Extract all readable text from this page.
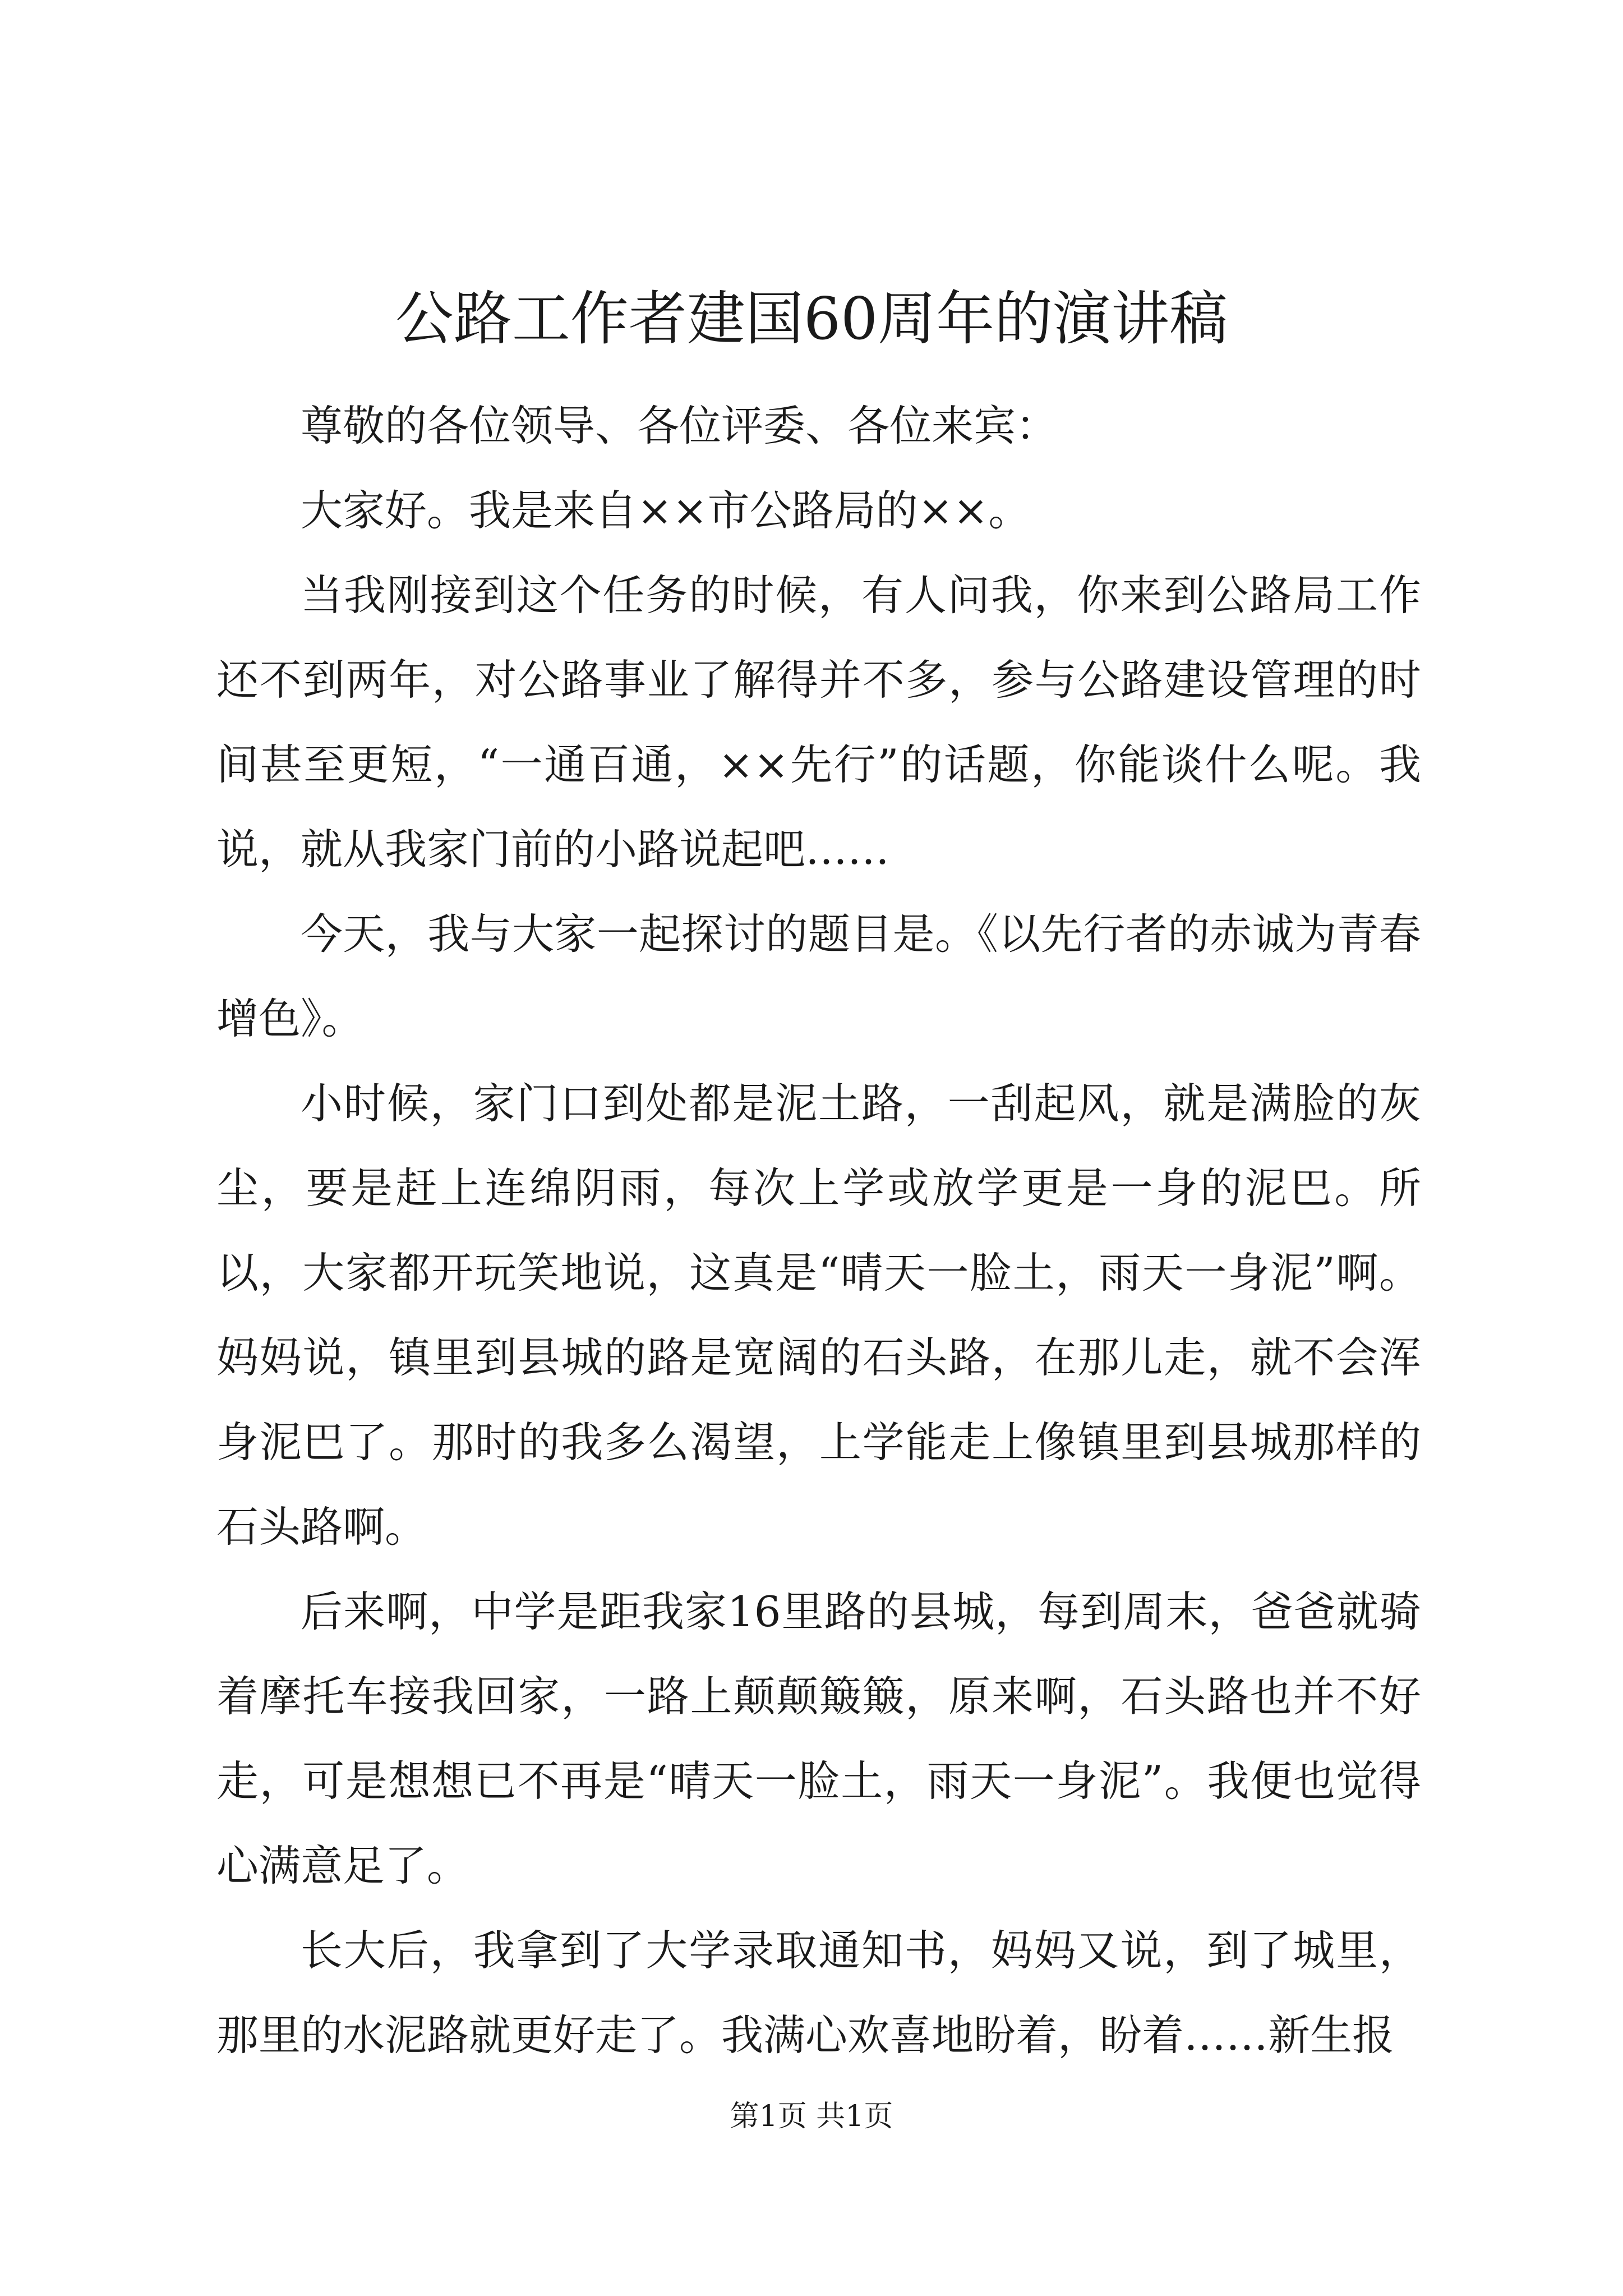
公路工作者建国60周年的演讲稿

尊敬的各位领导、各位评委、各位来宾：

大家好。我是来自××市公路局的××。

当我刚接到这个任务的时候，有人问我，你来到公路局工作还不到两年，对公路事业了解得并不多，参与公路建设管理的时间甚至更短，“一通百通，××先行”的话题，你能谈什么呢。我说，就从我家门前的小路说起吧……

今天，我与大家一起探讨的题目是。《以先行者的赤诚为青春增色》。

小时候，家门口到处都是泥土路，一刮起风，就是满脸的灰尘，要是赶上连绵阴雨，每次上学或放学更是一身的泥巴。所以，大家都开玩笑地说，这真是“晴天一脸土，雨天一身泥”啊。妈妈说，镇里到县城的路是宽阔的石头路，在那儿走，就不会浑身泥巴了。那时的我多么渴望，上学能走上像镇里到县城那样的石头路啊。

后来啊，中学是距我家16里路的县城，每到周末，爸爸就骑着摩托车接我回家，一路上颠颠簸簸，原来啊，石头路也并不好走，可是想想已不再是“晴天一脸土，雨天一身泥”。我便也觉得心满意足了。

长大后，我拿到了大学录取通知书，妈妈又说，到了城里，那里的水泥路就更好走了。我满心欢喜地盼着，盼着……新生报

第1页 共1页
